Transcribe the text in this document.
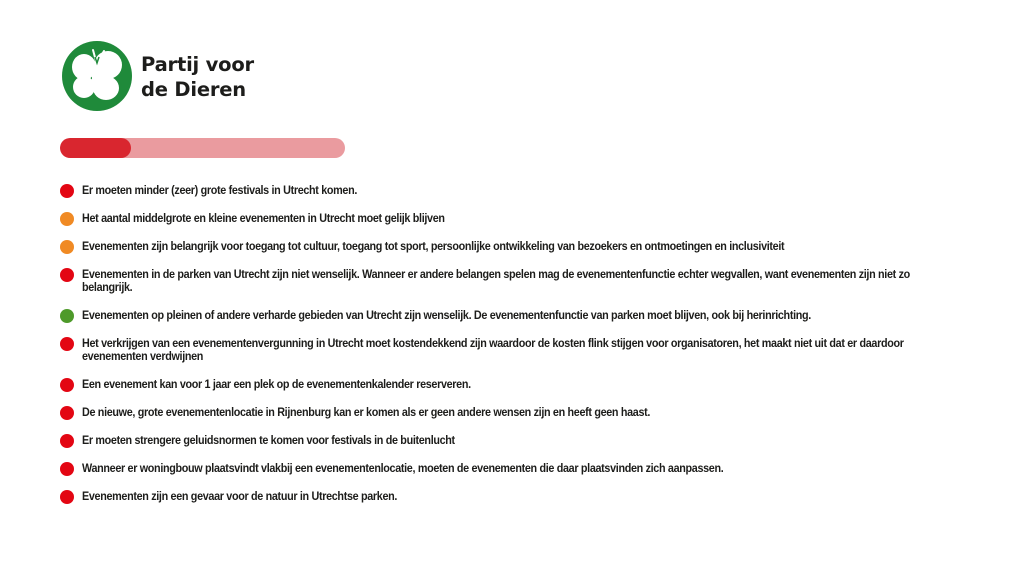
Partij voor
de Dieren
Er moeten minder (zeer) grote festivals in Utrecht komen.
Het aantal middelgrote en kleine evenementen in Utrecht moet gelijk blijven
Evenementen zijn belangrijk voor toegang tot cultuur, toegang tot sport, persoonlijke ontwikkeling van bezoekers en ontmoetingen en inclusiviteit
Evenementen in de parken van Utrecht zijn niet wenselijk. Wanneer er andere belangen spelen mag de evenementenfunctie echter wegvallen, want evenementen zijn niet zo belangrijk.
Evenementen op pleinen of andere verharde gebieden van Utrecht zijn wenselijk. De evenementenfunctie van parken moet blijven, ook bij herinrichting.
Het verkrijgen van een evenementenvergunning in Utrecht moet kostendekkend zijn waardoor de kosten flink stijgen voor organisatoren, het maakt niet uit dat er daardoor evenementen verdwijnen
Een evenement kan voor 1 jaar een plek op de evenementenkalender reserveren.
De nieuwe, grote evenementenlocatie in Rijnenburg kan er komen als er geen andere wensen zijn en heeft geen haast.
Er moeten strengere geluidsnormen te komen voor festivals in de buitenlucht
Wanneer er woningbouw plaatsvindt vlakbij een evenementenlocatie, moeten de evenementen die daar plaatsvinden zich aanpassen.
Evenementen zijn een gevaar voor de natuur in Utrechtse parken.
